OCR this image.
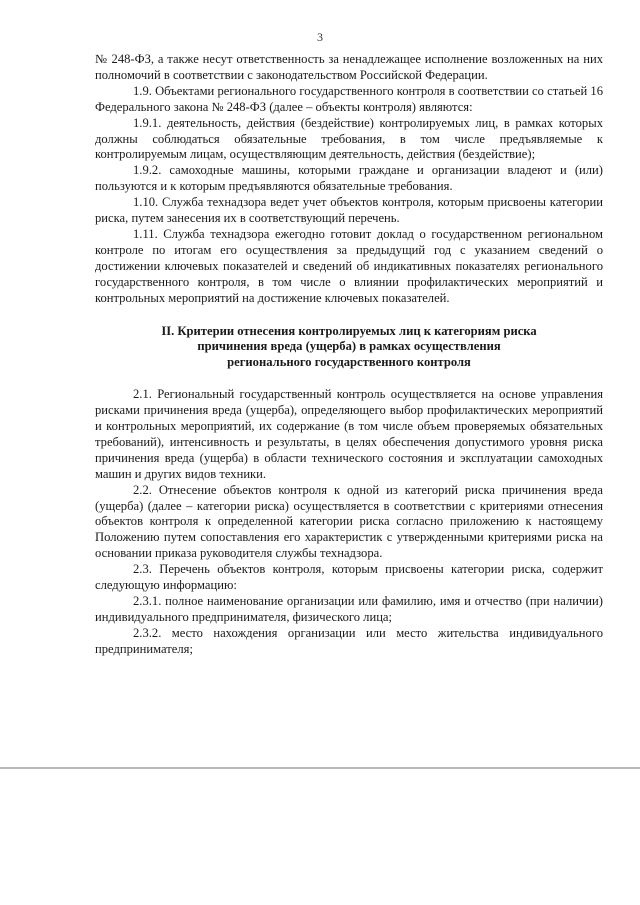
3

№ 248-ФЗ, а также несут ответственность за ненадлежащее исполнение возложенных на них полномочий в соответствии с законодательством Российской Федерации.

1.9. Объектами регионального государственного контроля в соответствии со статьей 16 Федерального закона № 248-ФЗ (далее – объекты контроля) являются:

1.9.1. деятельность, действия (бездействие) контролируемых лиц, в рамках которых должны соблюдаться обязательные требования, в том числе предъявляемые к контролируемым лицам, осуществляющим деятельность, действия (бездействие);

1.9.2. самоходные машины, которыми граждане и организации владеют и (или) пользуются и к которым предъявляются обязательные требования.

1.10. Служба технадзора ведет учет объектов контроля, которым присвоены категории риска, путем занесения их в соответствующий перечень.

1.11. Служба технадзора ежегодно готовит доклад о государственном региональном контроле по итогам его осуществления за предыдущий год с указанием сведений о достижении ключевых показателей и сведений об индикативных показателях регионального государственного контроля, в том числе о влиянии профилактических мероприятий и контрольных мероприятий на достижение ключевых показателей.

II. Критерии отнесения контролируемых лиц к категориям риска
причинения вреда (ущерба) в рамках осуществления
регионального государственного контроля

2.1. Региональный государственный контроль осуществляется на основе управления рисками причинения вреда (ущерба), определяющего выбор профилактических мероприятий и контрольных мероприятий, их содержание (в том числе объем проверяемых обязательных требований), интенсивность и результаты, в целях обеспечения допустимого уровня риска причинения вреда (ущерба) в области технического состояния и эксплуатации самоходных машин и других видов техники.

2.2. Отнесение объектов контроля к одной из категорий риска причинения вреда (ущерба) (далее – категории риска) осуществляется в соответствии с критериями отнесения объектов контроля к определенной категории риска согласно приложению к настоящему Положению путем сопоставления его характеристик с утвержденными критериями риска на основании приказа руководителя службы технадзора.

2.3. Перечень объектов контроля, которым присвоены категории риска, содержит следующую информацию:

2.3.1. полное наименование организации или фамилию, имя и отчество (при наличии) индивидуального предпринимателя, физического лица;

2.3.2. место нахождения организации или место жительства индивидуального предпринимателя;
